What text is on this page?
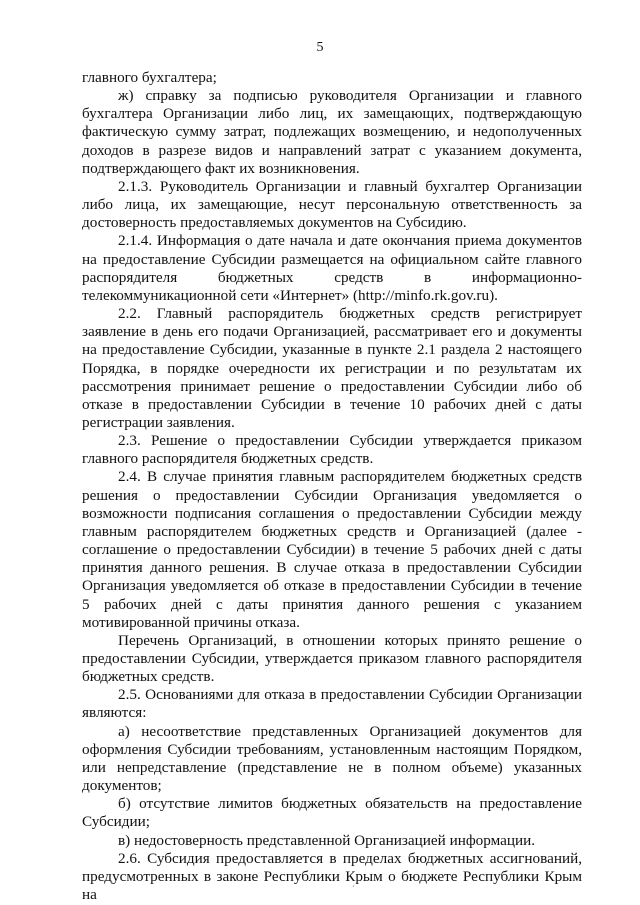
5

главного бухгалтера;

ж) справку за подписью руководителя Организации и главного бухгалтера Организации либо лиц, их замещающих, подтверждающую фактическую сумму затрат, подлежащих возмещению, и недополученных доходов в разрезе видов и направлений затрат с указанием документа, подтверждающего факт их возникновения.

2.1.3. Руководитель Организации и главный бухгалтер Организации либо лица, их замещающие, несут персональную ответственность за достоверность предоставляемых документов на Субсидию.

2.1.4. Информация о дате начала и дате окончания приема документов на предоставление Субсидии размещается на официальном сайте главного распорядителя бюджетных средств в информационно-телекоммуникационной сети «Интернет» (http://minfo.rk.gov.ru).

2.2. Главный распорядитель бюджетных средств регистрирует заявление в день его подачи Организацией, рассматривает его и документы на предоставление Субсидии, указанные в пункте 2.1 раздела 2 настоящего Порядка, в порядке очередности их регистрации и по результатам их рассмотрения принимает решение о предоставлении Субсидии либо об отказе в предоставлении Субсидии в течение 10 рабочих дней с даты регистрации заявления.

2.3. Решение о предоставлении Субсидии утверждается приказом главного распорядителя бюджетных средств.

2.4. В случае принятия главным распорядителем бюджетных средств решения о предоставлении Субсидии Организация уведомляется о возможности подписания соглашения о предоставлении Субсидии между главным распорядителем бюджетных средств и Организацией (далее - соглашение о предоставлении Субсидии) в течение 5 рабочих дней с даты принятия данного решения. В случае отказа в предоставлении Субсидии Организация уведомляется об отказе в предоставлении Субсидии в течение 5 рабочих дней с даты принятия данного решения с указанием мотивированной причины отказа.

Перечень Организаций, в отношении которых принято решение о предоставлении Субсидии, утверждается приказом главного распорядителя бюджетных средств.

2.5. Основаниями для отказа в предоставлении Субсидии Организации являются:

а) несоответствие представленных Организацией документов для оформления Субсидии требованиям, установленным настоящим Порядком, или непредставление (представление не в полном объеме) указанных документов;

б) отсутствие лимитов бюджетных обязательств на предоставление Субсидии;

в) недостоверность представленной Организацией информации.

2.6. Субсидия предоставляется в пределах бюджетных ассигнований, предусмотренных в законе Республики Крым о бюджете Республики Крым на	ˊ
